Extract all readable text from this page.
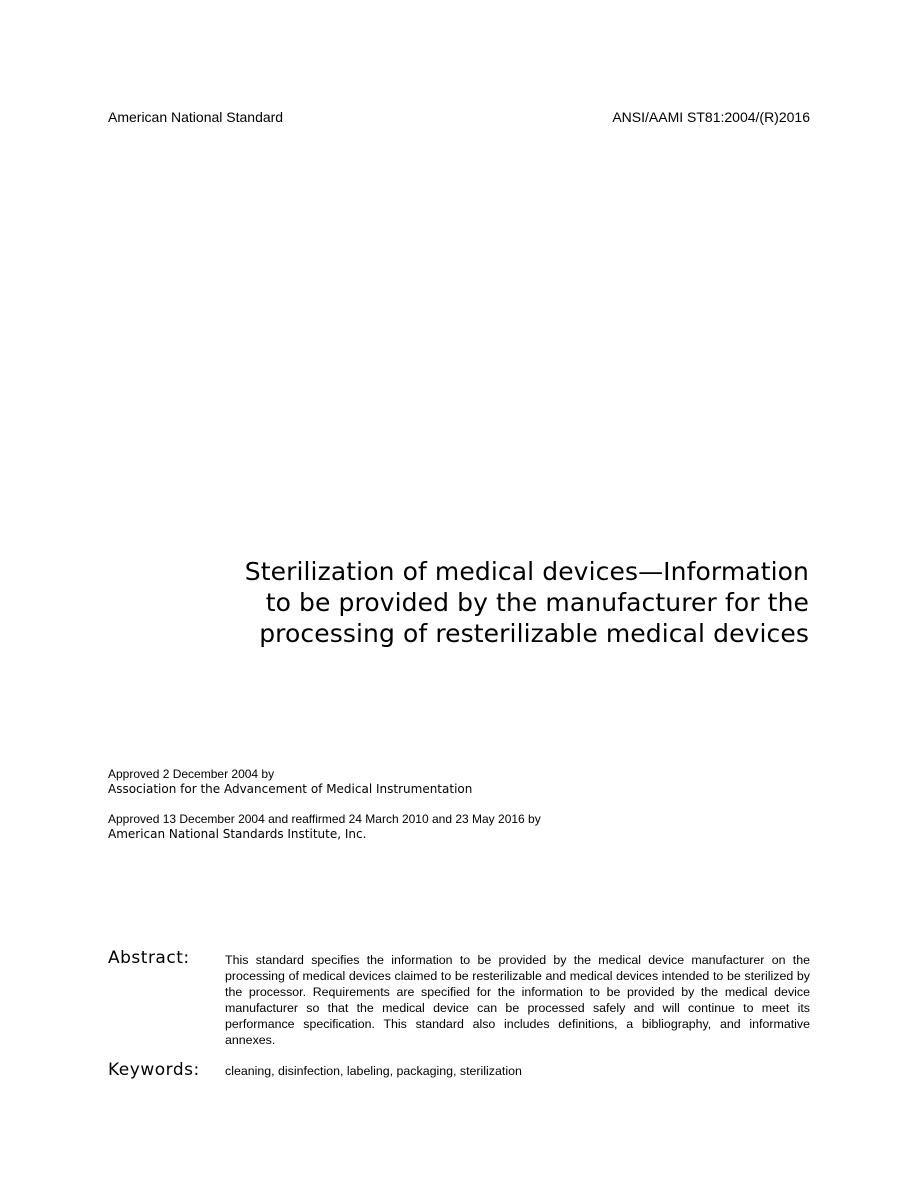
American National Standard	ANSI/AAMI ST81:2004/(R)2016
Sterilization of medical devices—Information
to be provided by the manufacturer for the
processing of resterilizable medical devices
Approved 2 December 2004 by
Association for the Advancement of Medical Instrumentation
Approved 13 December 2004 and reaffirmed 24 March 2010 and 23 May 2016 by
American National Standards Institute, Inc.
Abstract:	This standard specifies the information to be provided by the medical device manufacturer on the processing of medical devices claimed to be resterilizable and medical devices intended to be sterilized by the processor. Requirements are specified for the information to be provided by the medical device manufacturer so that the medical device can be processed safely and will continue to meet its performance specification. This standard also includes definitions, a bibliography, and informative annexes.
Keywords: cleaning, disinfection, labeling, packaging, sterilization
